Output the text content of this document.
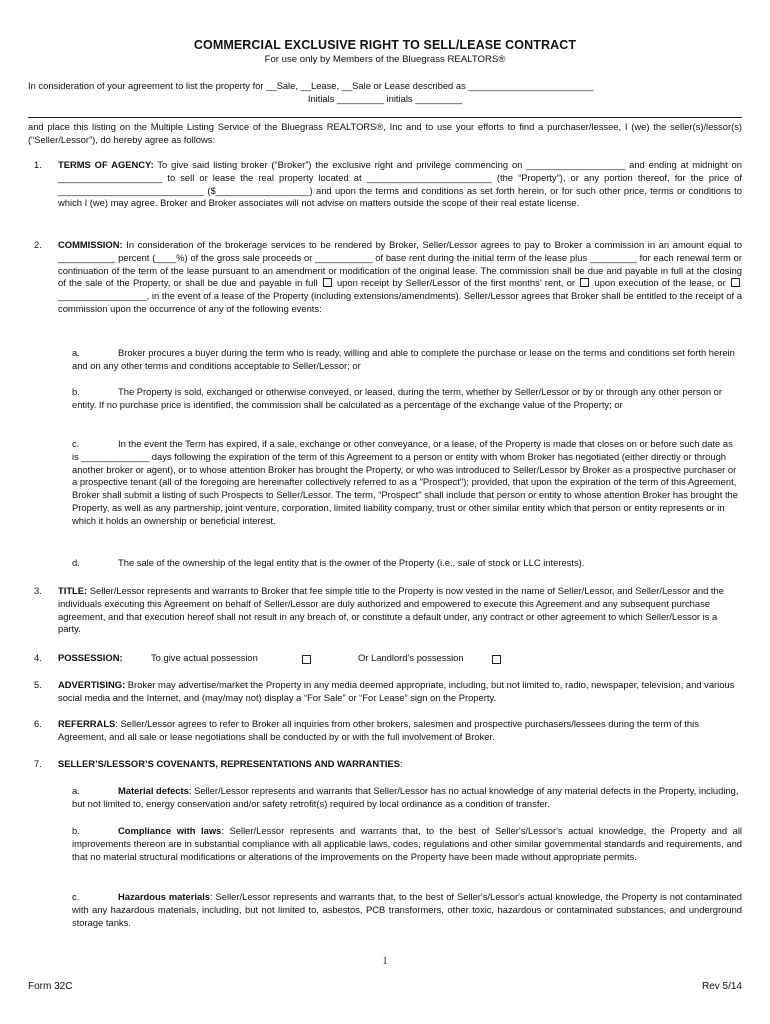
COMMERCIAL EXCLUSIVE RIGHT TO SELL/LEASE CONTRACT
For use only by Members of the Bluegrass REALTORS®
In consideration of your agreement to list the property for __Sale, __Lease, __Sale or Lease described as ________________________
Initials _________ initials _________
and place this listing on the Multiple Listing Service of the Bluegrass REALTORS®, Inc and to use your efforts to find a purchaser/lessee, I (we) the seller(s)/lessor(s) (“Seller/Lessor”), do hereby agree as follows:
1. TERMS OF AGENCY: To give said listing broker (“Broker”) the exclusive right and privilege commencing on ___________________ and ending at midnight on ____________________ to sell or lease the real property located at ________________________ (the “Property”), or any portion thereof, for the price of ____________________________ ($__________________) and upon the terms and conditions as set forth herein, or for such other price, terms or conditions to which I (we) may agree. Broker and Broker associates will not advise on matters outside the scope of their real estate license.
2. COMMISSION: In consideration of the brokerage services to be rendered by Broker, Seller/Lessor agrees to pay to Broker a commission in an amount equal to ___________ percent (____%) of the gross sale proceeds or ___________ of base rent during the initial term of the lease plus _________ for each renewal term or continuation of the term of the lease pursuant to an amendment or modification of the original lease. The commission shall be due and payable in full at the closing of the sale of the Property, or shall be due and payable in full upon receipt by Seller/Lessor of the first months’ rent, or upon execution of the lease, or  _________________, in the event of a lease of the Property (including extensions/amendments). Seller/Lessor agrees that Broker shall be entitled to the receipt of a commission upon the occurrence of any of the following events:
a.	Broker procures a buyer during the term who is ready, willing and able to complete the purchase or lease on the terms and conditions set forth herein and on any other terms and conditions acceptable to Seller/Lessor; or
b.	The Property is sold, exchanged or otherwise conveyed, or leased, during the term, whether by Seller/Lessor or by or through any other person or entity. If no purchase price is identified, the commission shall be calculated as a percentage of the exchange value of the Property; or
c.	In the event the Term has expired, if a sale, exchange or other conveyance, or a lease, of the Property is made that closes on or before such date as is _____________ days following the expiration of the term of this Agreement to a person or entity with whom Broker has negotiated (either directly or through another broker or agent), or to whose attention Broker has brought the Property, or who was introduced to Seller/Lessor by Broker as a prospective purchaser or a prospective tenant (all of the foregoing are hereinafter collectively referred to as a "Prospect"); provided, that upon the expiration of the term of this Agreement, Broker shall submit a listing of such Prospects to Seller/Lessor. The term, “Prospect" shall include that person or entity to whose attention Broker has brought the Property, as well as any partnership, joint venture, corporation, limited liability company, trust or other similar entity which that person or entity represents or in which it holds an ownership or beneficial interest.
d.	The sale of the ownership of the legal entity that is the owner of the Property (i.e., sale of stock or LLC interests).
3. TITLE: Seller/Lessor represents and warrants to Broker that fee simple title to the Property is now vested in the name of Seller/Lessor, and Seller/Lessor and the individuals executing this Agreement on behalf of Seller/Lessor are duly authorized and empowered to execute this Agreement and any subsequent purchase agreement, and that execution hereof shall not result in any breach of, or constitute a default under, any contract or other agreement to which Seller/Lessor is a party.
4. POSSESSION:	To give actual possession	Or Landlord’s possession
5. ADVERTISING: Broker may advertise/market the Property in any media deemed appropriate, including, but not limited to, radio, newspaper, television, and various social media and the Internet, and (may/may not) display a “For Sale” or “For Lease” sign on the Property.
6. REFERRALS: Seller/Lessor agrees to refer to Broker all inquiries from other brokers, salesmen and prospective purchasers/lessees during the term of this Agreement, and all sale or lease negotiations shall be conducted by or with the full involvement of Broker.
7. SELLER’S/LESSOR’S COVENANTS, REPRESENTATIONS AND WARRANTIES:
a.	Material defects: Seller/Lessor represents and warrants that Seller/Lessor has no actual knowledge of any material defects in the Property, including, but not limited to, energy conservation and/or safety retrofit(s) required by local ordinance as a condition of transfer.
b.	Compliance with laws: Seller/Lessor represents and warrants that, to the best of Seller's/Lessor's actual knowledge, the Property and all improvements thereon are in substantial compliance with all applicable laws, codes, regulations and other similar governmental standards and requirements, and that no material structural modifications or alterations of the improvements on the Property have been made without appropriate permits.
c.	Hazardous materials: Seller/Lessor represents and warrants that, to the best of Seller's/Lessor's actual knowledge, the Property is not contaminated with any hazardous materials, including, but not limited to, asbestos, PCB transformers, other toxic, hazardous or contaminated substances, and underground storage tanks.
1
Form 32C	Rev 5/14
